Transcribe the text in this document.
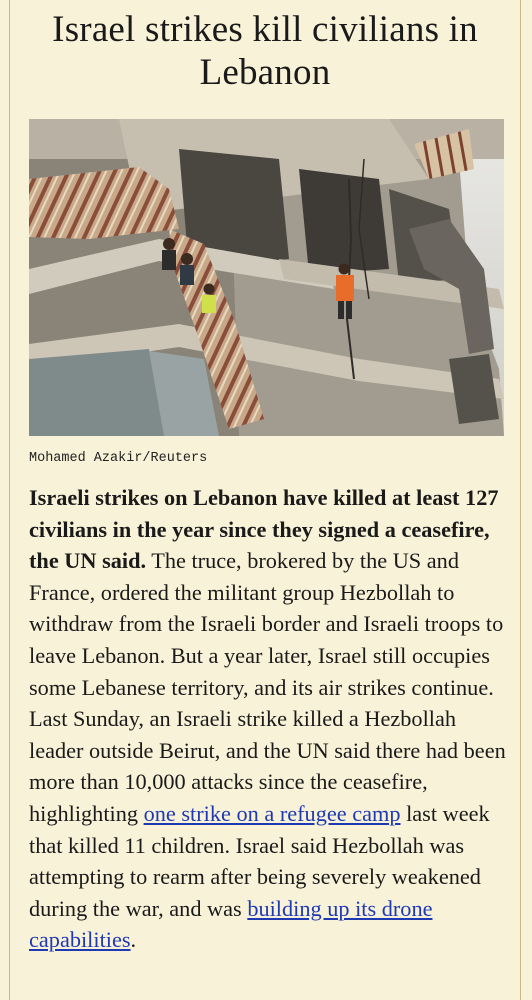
Israel strikes kill civilians in Lebanon
Mohamed Azakir/Reuters

Israeli strikes on Lebanon have killed at least 127 civilians in the year since they signed a ceasefire, the UN said. The truce, brokered by the US and France, ordered the militant group Hezbollah to withdraw from the Israeli border and Israeli troops to leave Lebanon. But a year later, Israel still occupies some Lebanese territory, and its air strikes continue. Last Sunday, an Israeli strike killed a Hezbollah leader outside Beirut, and the UN said there had been more than 10,000 attacks since the ceasefire, highlighting one strike on a refugee camp last week that killed 11 children. Israel said Hezbollah was attempting to rearm after being severely weakened during the war, and was building up its drone capabilities.
